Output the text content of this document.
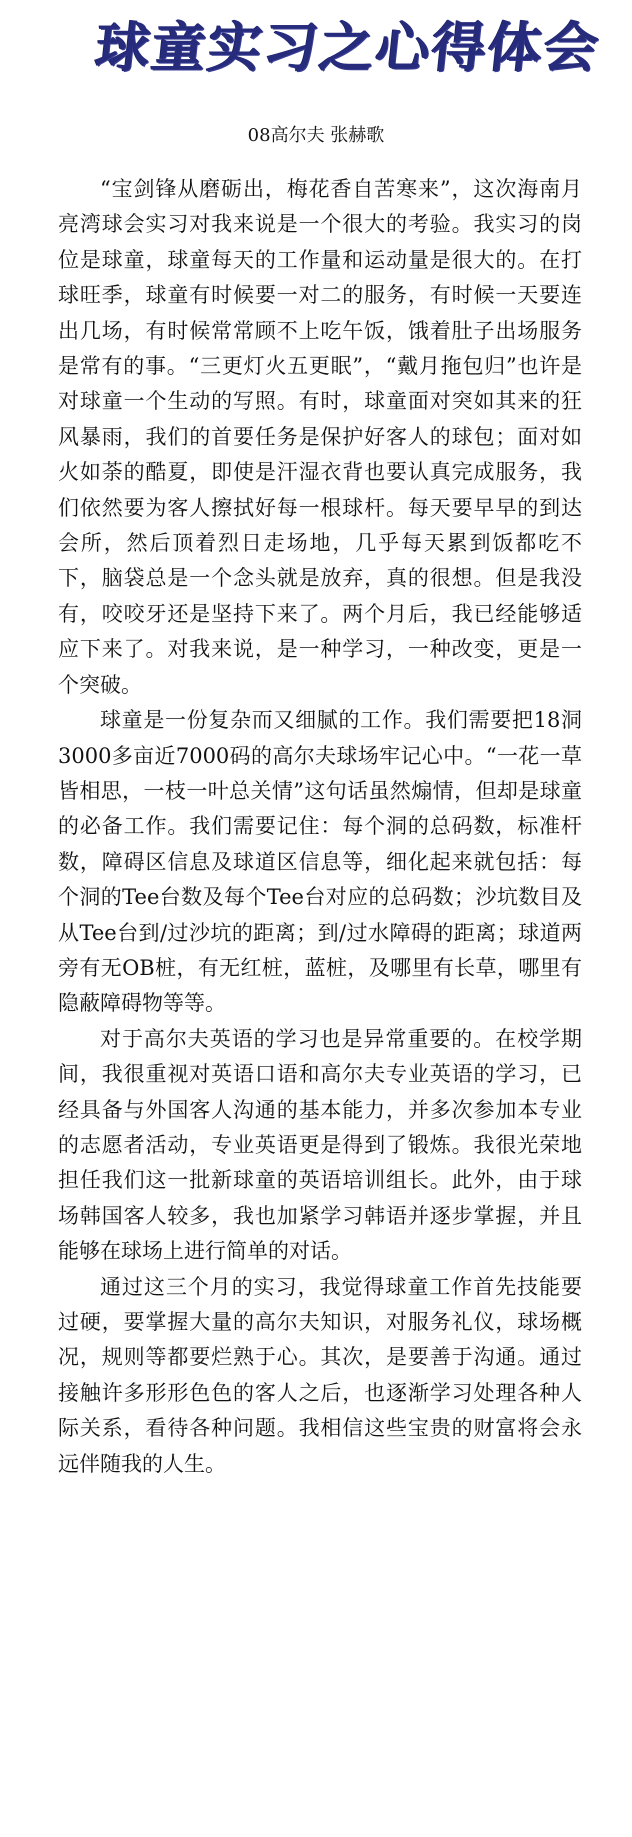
球童实习之心得体会

08高尔夫 张赫歌

“宝剑锋从磨砺出，梅花香自苦寒来”，这次海南月亮湾球会实习对我来说是一个很大的考验。我实习的岗位是球童，球童每天的工作量和运动量是很大的。在打球旺季，球童有时候要一对二的服务，有时候一天要连出几场，有时候常常顾不上吃午饭，饿着肚子出场服务是常有的事。“三更灯火五更眠”，“戴月拖包归”也许是对球童一个生动的写照。有时，球童面对突如其来的狂风暴雨，我们的首要任务是保护好客人的球包；面对如火如荼的酷夏，即使是汗湿衣背也要认真完成服务，我们依然要为客人擦拭好每一根球杆。每天要早早的到达会所，然后顶着烈日走场地，几乎每天累到饭都吃不下，脑袋总是一个念头就是放弃，真的很想。但是我没有，咬咬牙还是坚持下来了。两个月后，我已经能够适应下来了。对我来说，是一种学习，一种改变，更是一个突破。

球童是一份复杂而又细腻的工作。我们需要把18洞3000多亩近7000码的高尔夫球场牢记心中。“一花一草皆相思，一枝一叶总关情”这句话虽然煽情，但却是球童的必备工作。我们需要记住：每个洞的总码数，标准杆数，障碍区信息及球道区信息等，细化起来就包括：每个洞的Tee台数及每个Tee台对应的总码数；沙坑数目及从Tee台到/过沙坑的距离；到/过水障碍的距离；球道两旁有无OB桩，有无红桩，蓝桩，及哪里有长草，哪里有隐蔽障碍物等等。

对于高尔夫英语的学习也是异常重要的。在校学期间，我很重视对英语口语和高尔夫专业英语的学习，已经具备与外国客人沟通的基本能力，并多次参加本专业的志愿者活动，专业英语更是得到了锻炼。我很光荣地担任我们这一批新球童的英语培训组长。此外，由于球场韩国客人较多，我也加紧学习韩语并逐步掌握，并且能够在球场上进行简单的对话。

通过这三个月的实习，我觉得球童工作首先技能要过硬，要掌握大量的高尔夫知识，对服务礼仪，球场概况，规则等都要烂熟于心。其次，是要善于沟通。通过接触许多形形色色的客人之后，也逐渐学习处理各种人际关系，看待各种问题。我相信这些宝贵的财富将会永远伴随我的人生。
